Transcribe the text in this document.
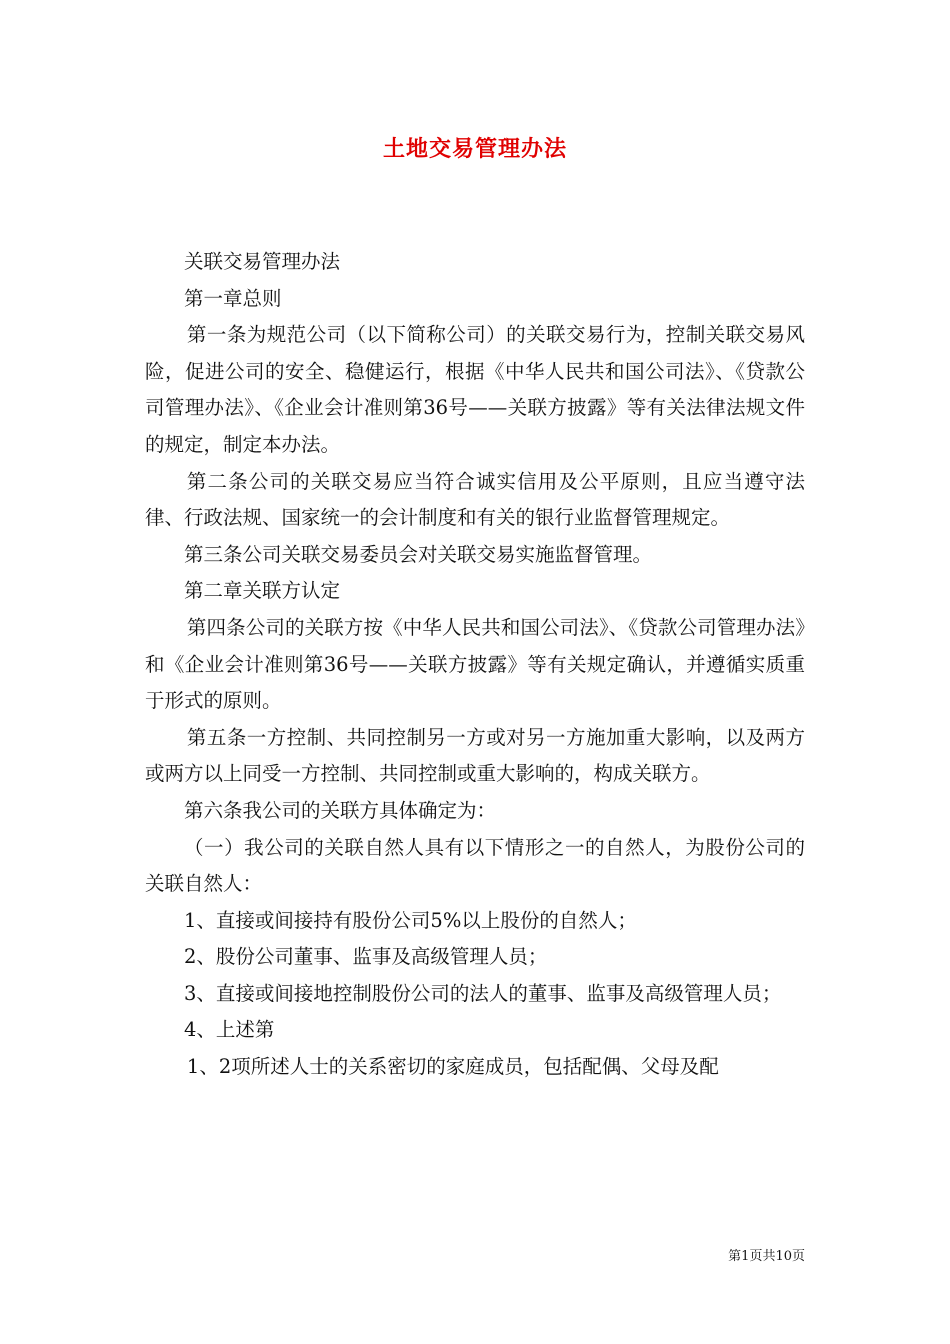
土地交易管理办法

关联交易管理办法

第一章总则

第一条为规范公司（以下简称公司）的关联交易行为，控制关联交易风险，促进公司的安全、稳健运行，根据《中华人民共和国公司法》、《贷款公司管理办法》、《企业会计准则第36号——关联方披露》等有关法律法规文件的规定，制定本办法。

第二条公司的关联交易应当符合诚实信用及公平原则，且应当遵守法律、行政法规、国家统一的会计制度和有关的银行业监督管理规定。

第三条公司关联交易委员会对关联交易实施监督管理。

第二章关联方认定

第四条公司的关联方按《中华人民共和国公司法》、《贷款公司管理办法》和《企业会计准则第36号——关联方披露》等有关规定确认，并遵循实质重于形式的原则。

第五条一方控制、共同控制另一方或对另一方施加重大影响，以及两方或两方以上同受一方控制、共同控制或重大影响的，构成关联方。

第六条我公司的关联方具体确定为：

（一）我公司的关联自然人具有以下情形之一的自然人，为股份公司的关联自然人：

1、直接或间接持有股份公司5%以上股份的自然人；

2、股份公司董事、监事及高级管理人员；

3、直接或间接地控制股份公司的法人的董事、监事及高级管理人员；

4、上述第

1、2项所述人士的关系密切的家庭成员，包括配偶、父母及配

第1页共10页
